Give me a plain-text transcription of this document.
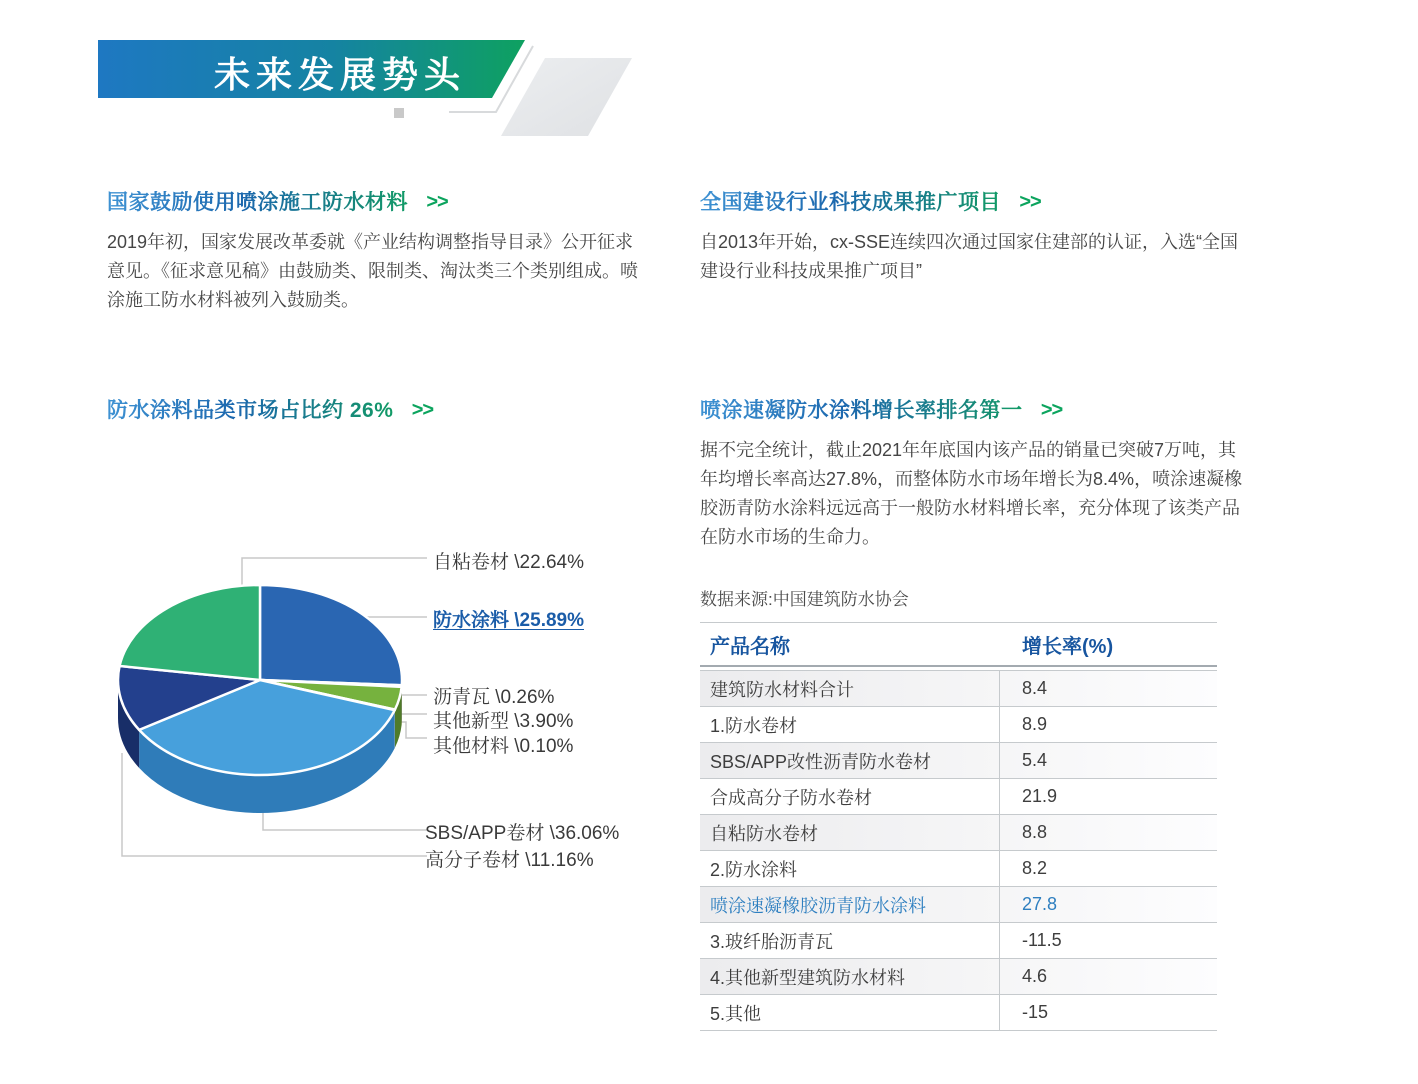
未来发展势头
国家鼓励使用喷涂施工防水材料 >>

2019年初，国家发展改革委就《产业结构调整指导目录》公开征求意见。《征求意见稿》由鼓励类、限制类、淘汰类三个类别组成。喷涂施工防水材料被列入鼓励类。

全国建设行业科技成果推广项目 >>

自2013年开始，cx-SSE连续四次通过国家住建部的认证，入选“全国建设行业科技成果推广项目”

防水涂料品类市场占比约 26% >>	喷涂速凝防水涂料增长率排名第一 >>

据不完全统计，截止2021年年底国内该产品的销量已突破7万吨，其年均增长率高达27.8%，而整体防水市场年增长为8.4%，喷涂速凝橡胶沥青防水涂料远远高于一般防水材料增长率，充分体现了该类产品在防水市场的生命力。

数据来源:中国建筑防水协会
产品名称	增长率(%)
建筑防水材料合计	8.4
1.防水卷材	8.9
SBS/APP改性沥青防水卷材	5.4
合成高分子防水卷材	21.9
自粘防水卷材	8.8
2.防水涂料	8.2
喷涂速凝橡胶沥青防水涂料	27.8
3.玻纤胎沥青瓦	-11.5
4.其他新型建筑防水材料	4.6
5.其他	-15
防水涂料 \25.89%
沥青瓦 \0.26%
其他新型 \3.90%
其他材料 \0.10%
SBS/APP卷材 \36.06%
高分子卷材 \11.16%
自粘卷材 \22.64%
